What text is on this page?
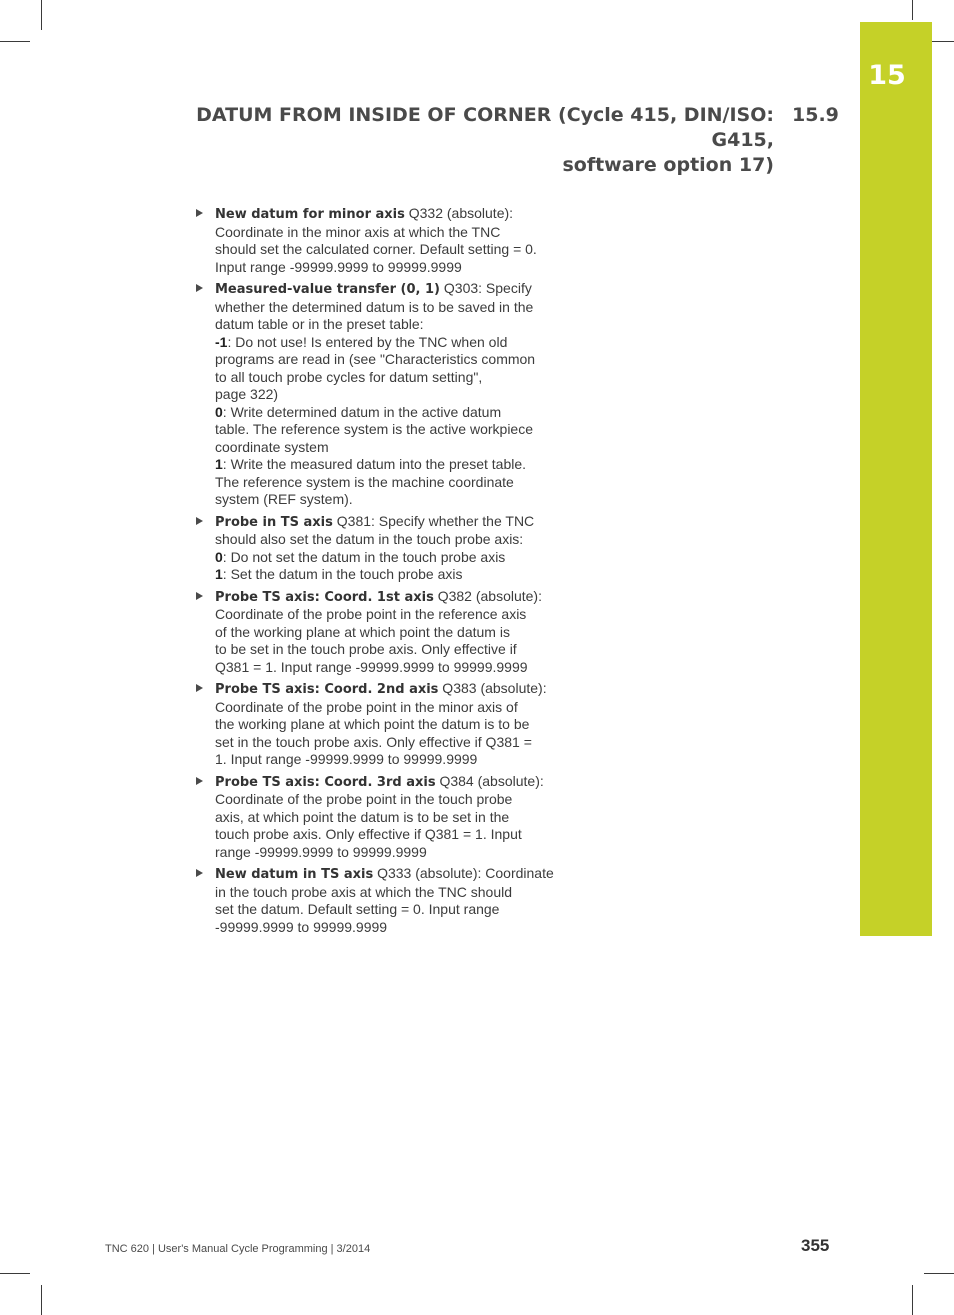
15
DATUM FROM INSIDE OF CORNER (Cycle 415, DIN/ISO: G415,
software option 17)
15.9
New datum for minor axis Q332 (absolute):
Coordinate in the minor axis at which the TNC
should set the calculated corner. Default setting = 0.
Input range -99999.9999 to 99999.9999
Measured-value transfer (0, 1) Q303: Specify
whether the determined datum is to be saved in the
datum table or in the preset table:
-1: Do not use! Is entered by the TNC when old
programs are read in (see "Characteristics common
to all touch probe cycles for datum setting",
page 322)
0: Write determined datum in the active datum
table. The reference system is the active workpiece
coordinate system
1: Write the measured datum into the preset table.
The reference system is the machine coordinate
system (REF system).
Probe in TS axis Q381: Specify whether the TNC
should also set the datum in the touch probe axis:
0: Do not set the datum in the touch probe axis
1: Set the datum in the touch probe axis
Probe TS axis: Coord. 1st axis Q382 (absolute):
Coordinate of the probe point in the reference axis
of the working plane at which point the datum is
to be set in the touch probe axis. Only effective if
Q381 = 1. Input range -99999.9999 to 99999.9999
Probe TS axis: Coord. 2nd axis Q383 (absolute):
Coordinate of the probe point in the minor axis of
the working plane at which point the datum is to be
set in the touch probe axis. Only effective if Q381 =
1. Input range -99999.9999 to 99999.9999
Probe TS axis: Coord. 3rd axis Q384 (absolute):
Coordinate of the probe point in the touch probe
axis, at which point the datum is to be set in the
touch probe axis. Only effective if Q381 = 1. Input
range -99999.9999 to 99999.9999
New datum in TS axis Q333 (absolute): Coordinate
in the touch probe axis at which the TNC should
set the datum. Default setting = 0. Input range
-99999.9999 to 99999.9999
TNC 620 | User's Manual Cycle Programming | 3/2014	355
